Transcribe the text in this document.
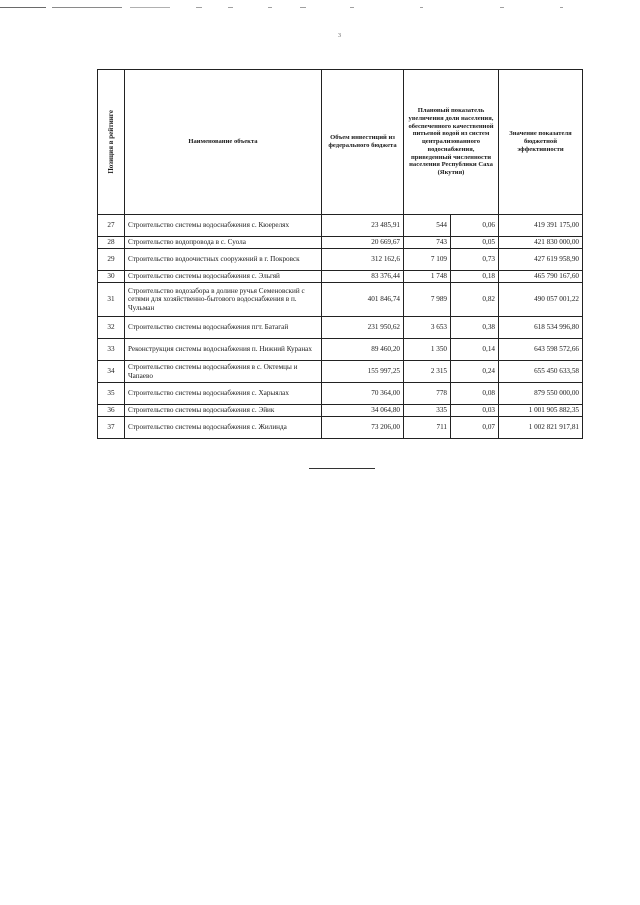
3
Позиция в рейтинге	Наименование объекта	Объем инвестиций из федерального бюджета	Плановый показатель увеличения доли населения, обеспеченного качественной питьевой водой из систем централизованного водоснабжения, приведенный численности населения Республики Саха (Якутия)		Значение показателя бюджетной эффективности
27	Строительство системы водоснабжения с. Кюерелях	23 485,91	544	0,06	419 391 175,00
28	Строительство водопровода в с. Суола	20 669,67	743	0,05	421 830 000,00
29	Строительство водоочистных сооружений в г. Покровск	312 162,6	7 109	0,73	427 619 958,90
30	Строительство системы водоснабжения с. Эльгяй	83 376,44	1 748	0,18	465 790 167,60
31	Строительство водозабора в долине ручья Семеновский с сетями для хозяйственно-бытового водоснабжения в п. Чульман	401 846,74	7 989	0,82	490 057 001,22
32	Строительство системы водоснабжения пгт. Батагай	231 950,62	3 653	0,38	618 534 996,80
33	Реконструкция системы водоснабжения п. Нижний Куранах	89 460,20	1 350	0,14	643 598 572,66
34	Строительство системы водоснабжения в с. Октемцы и Чапаево	155 997,25	2 315	0,24	655 450 633,58
35	Строительство системы водоснабжения с. Харыялах	70 364,00	778	0,08	879 550 000,00
36	Строительство системы водоснабжения с. Эйик	34 064,80	335	0,03	1 001 905 882,35
37	Строительство системы водоснабжения с. Жилинда	73 206,00	711	0,07	1 002 821 917,81
